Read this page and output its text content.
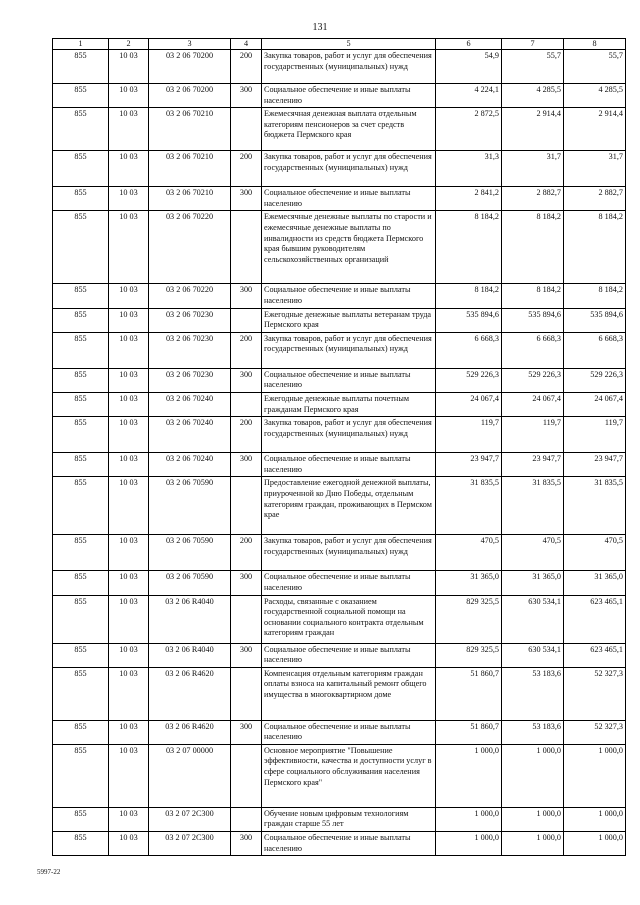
131
1	2	3	4	5	6	7	8
855	10 03	03 2 06 70200	200	Закупка товаров, работ и услуг для обеспечения государственных (муниципальных) нужд	54,9	55,7	55,7
855	10 03	03 2 06 70200	300	Социальное обеспечение и иные выплаты населению	4 224,1	4 285,5	4 285,5
855	10 03	03 2 06 70210		Ежемесячная денежная выплата отдельным категориям пенсионеров за счет средств бюджета Пермского края	2 872,5	2 914,4	2 914,4
855	10 03	03 2 06 70210	200	Закупка товаров, работ и услуг для обеспечения государственных (муниципальных) нужд	31,3	31,7	31,7
855	10 03	03 2 06 70210	300	Социальное обеспечение и иные выплаты населению	2 841,2	2 882,7	2 882,7
855	10 03	03 2 06 70220		Ежемесячные денежные выплаты по старости и ежемесячные денежные выплаты по инвалидности из средств бюджета Пермского края бывшим руководителям сельскохозяйственных организаций	8 184,2	8 184,2	8 184,2
855	10 03	03 2 06 70220	300	Социальное обеспечение и иные выплаты населению	8 184,2	8 184,2	8 184,2
855	10 03	03 2 06 70230		Ежегодные денежные выплаты ветеранам труда Пермского края	535 894,6	535 894,6	535 894,6
855	10 03	03 2 06 70230	200	Закупка товаров, работ и услуг для обеспечения государственных (муниципальных) нужд	6 668,3	6 668,3	6 668,3
855	10 03	03 2 06 70230	300	Социальное обеспечение и иные выплаты населению	529 226,3	529 226,3	529 226,3
855	10 03	03 2 06 70240		Ежегодные денежные выплаты почетным гражданам Пермского края	24 067,4	24 067,4	24 067,4
855	10 03	03 2 06 70240	200	Закупка товаров, работ и услуг для обеспечения государственных (муниципальных) нужд	119,7	119,7	119,7
855	10 03	03 2 06 70240	300	Социальное обеспечение и иные выплаты населению	23 947,7	23 947,7	23 947,7
855	10 03	03 2 06 70590		Предоставление ежегодной денежной выплаты, приуроченной ко Дню Победы, отдельным категориям граждан, проживающих в Пермском крае	31 835,5	31 835,5	31 835,5
855	10 03	03 2 06 70590	200	Закупка товаров, работ и услуг для обеспечения государственных (муниципальных) нужд	470,5	470,5	470,5
855	10 03	03 2 06 70590	300	Социальное обеспечение и иные выплаты населению	31 365,0	31 365,0	31 365,0
855	10 03	03 2 06 R4040		Расходы, связанные с оказанием государственной социальной помощи на основании социального контракта отдельным категориям граждан	829 325,5	630 534,1	623 465,1
855	10 03	03 2 06 R4040	300	Социальное обеспечение и иные выплаты населению	829 325,5	630 534,1	623 465,1
855	10 03	03 2 06 R4620		Компенсация отдельным категориям граждан оплаты взноса на капитальный ремонт общего имущества в многоквартирном доме	51 860,7	53 183,6	52 327,3
855	10 03	03 2 06 R4620	300	Социальное обеспечение и иные выплаты населению	51 860,7	53 183,6	52 327,3
855	10 03	03 2 07 00000		Основное мероприятие "Повышение эффективности, качества и доступности услуг в сфере социального обслуживания населения Пермского края"	1 000,0	1 000,0	1 000,0
855	10 03	03 2 07 2С300		Обучение новым цифровым технологиям граждан старше 55 лет	1 000,0	1 000,0	1 000,0
855	10 03	03 2 07 2С300	300	Социальное обеспечение и иные выплаты населению	1 000,0	1 000,0	1 000,0
5997-22
